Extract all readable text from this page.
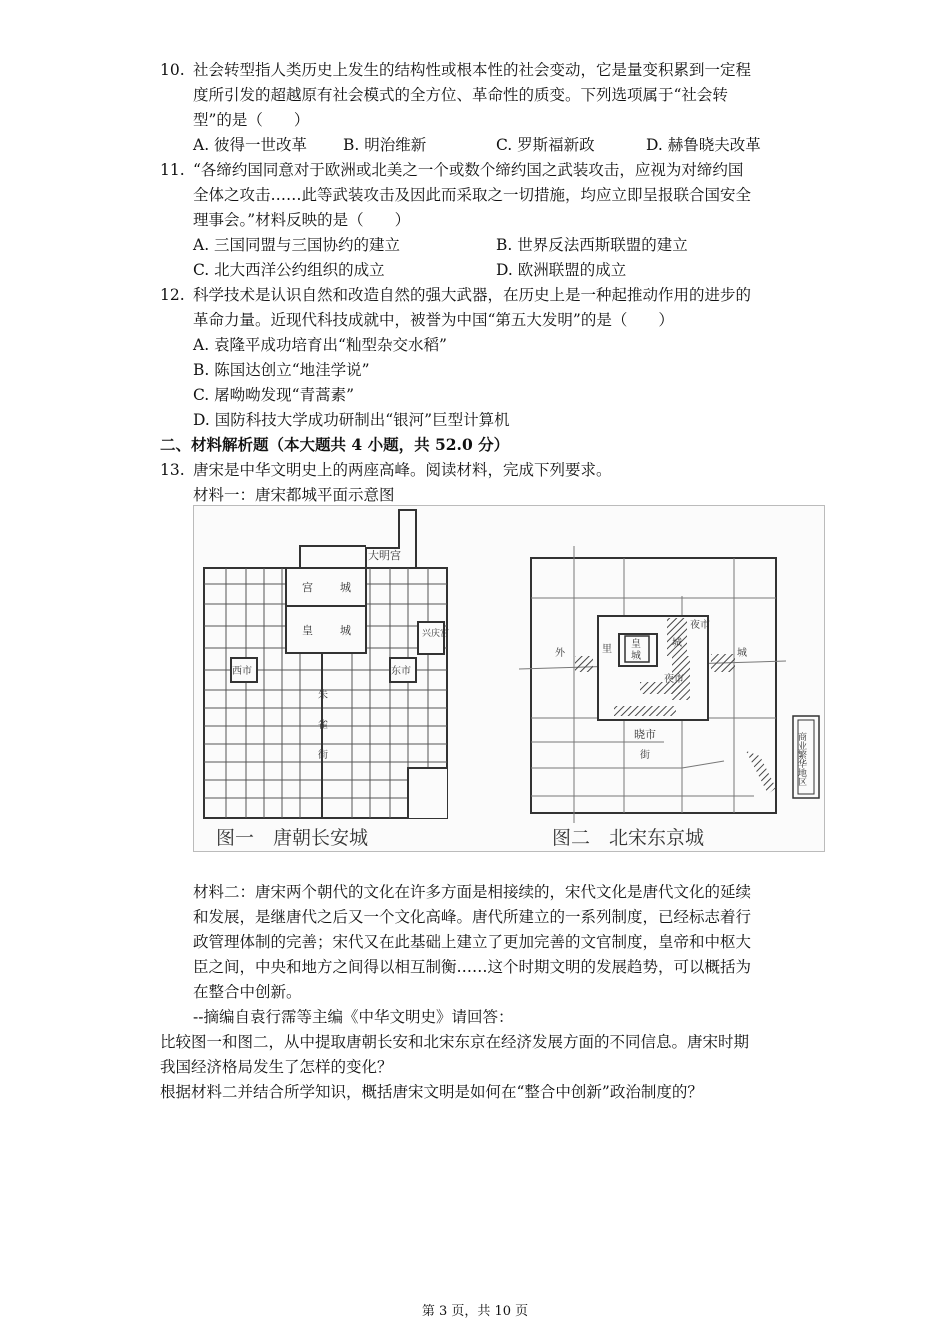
10. 社会转型指人类历史上发生的结构性或根本性的社会变动，它是量变积累到一定程
度所引发的超越原有社会模式的全方位、革命性的质变。下列选项属于“社会转
型”的是（　　）
A. 彼得一世改革 B. 明治维新	C. 罗斯福新政	D. 赫鲁晓夫改革
11. “各缔约国同意对于欧洲或北美之一个或数个缔约国之武装攻击，应视为对缔约国
全体之攻击……此等武装攻击及因此而采取之一切措施，均应立即呈报联合国安全
理事会。”材料反映的是（　　）
A. 三国同盟与三国协约的建立	B. 世界反法西斯联盟的建立
C. 北大西洋公约组织的成立	D. 欧洲联盟的成立
12. 科学技术是认识自然和改造自然的强大武器，在历史上是一种起推动作用的进步的
革命力量。近现代科技成就中，被誉为中国“第五大发明”的是（　　）
A. 袁隆平成功培育出“籼型杂交水稻”
B. 陈国达创立“地洼学说”
C. 屠呦呦发现“青蒿素”
D. 国防科技大学成功研制出“银河”巨型计算机
二、材料解析题（本大题共 4 小题，共 52.0 分）
13. 唐宋是中华文明史上的两座高峰。阅读材料，完成下列要求。
材料一：唐宋都城平面示意图
大明宫
宫 城
皇 城	兴庆宫
西市	东市
朱
雀
街
图一　唐朝长安城
外	里 皇
城
夜市
城
城
夜市
晓市
街	商业繁华地区
图二　北宋东京城
材料二：唐宋两个朝代的文化在许多方面是相接续的，宋代文化是唐代文化的延续
和发展，是继唐代之后又一个文化高峰。唐代所建立的一系列制度，已经标志着行
政管理体制的完善；宋代又在此基础上建立了更加完善的文官制度，皇帝和中枢大
臣之间，中央和地方之间得以相互制衡……这个时期文明的发展趋势，可以概括为
在整合中创新。
--摘编自袁行霈等主编《中华文明史》请回答：
比较图一和图二，从中提取唐朝长安和北宋东京在经济发展方面的不同信息。唐宋时期
我国经济格局发生了怎样的变化？
根据材料二并结合所学知识，概括唐宋文明是如何在“整合中创新”政治制度的？
第 3 页，共 10 页
